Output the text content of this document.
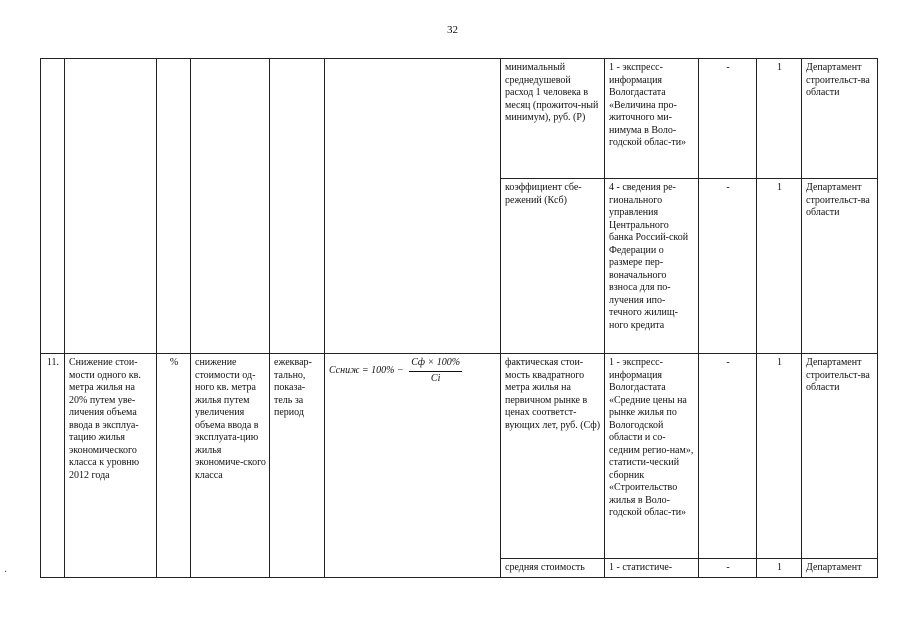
32
						минимальный среднедушевой расход 1 человека в месяц (прожиточ-ный минимум), руб. (Р)	1 - экспресс-информация Вологдастата «Величина про-житочного ми-нимума в Воло-годской облас-ти»	-	1	Департамент строительст-ва области
						коэффициент сбе-режений (Ксб)	4 - сведения ре-гионального управления Центрального банка Россий-ской Федерации о размере пер-воначального взноса для по-лучения ипо-течного жилищ-ного кредита	-	1	Департамент строительст-ва области
11.	Снижение стои-мости одного кв. метра жилья на 20% путем уве-личения объема ввода в эксплуа-тацию жилья экономического класса к уровню 2012 года	%	снижение стоимости од-ного кв. метра жилья путем увеличения объема ввода в эксплуата-цию жилья экономиче-ского класса	ежеквар-тально, показа-тель за период	Cсниж = $100\% - \frac{Cф \times 100\%}{Ci}$	фактическая стои-мость квадратного метра жилья на первичном рынке в ценах соответст-вующих лет, руб. (Сф)	1 - экспресс-информация Вологдастата «Средние цены на рынке жилья по Вологодской области и со-седним регио-нам», статисти-ческий сборник «Строительство жилья в Воло-годской облас-ти»	-	1	Департамент строительст-ва области
						средняя стоимость	1 - статистиче-	-	1	Департамент
·
